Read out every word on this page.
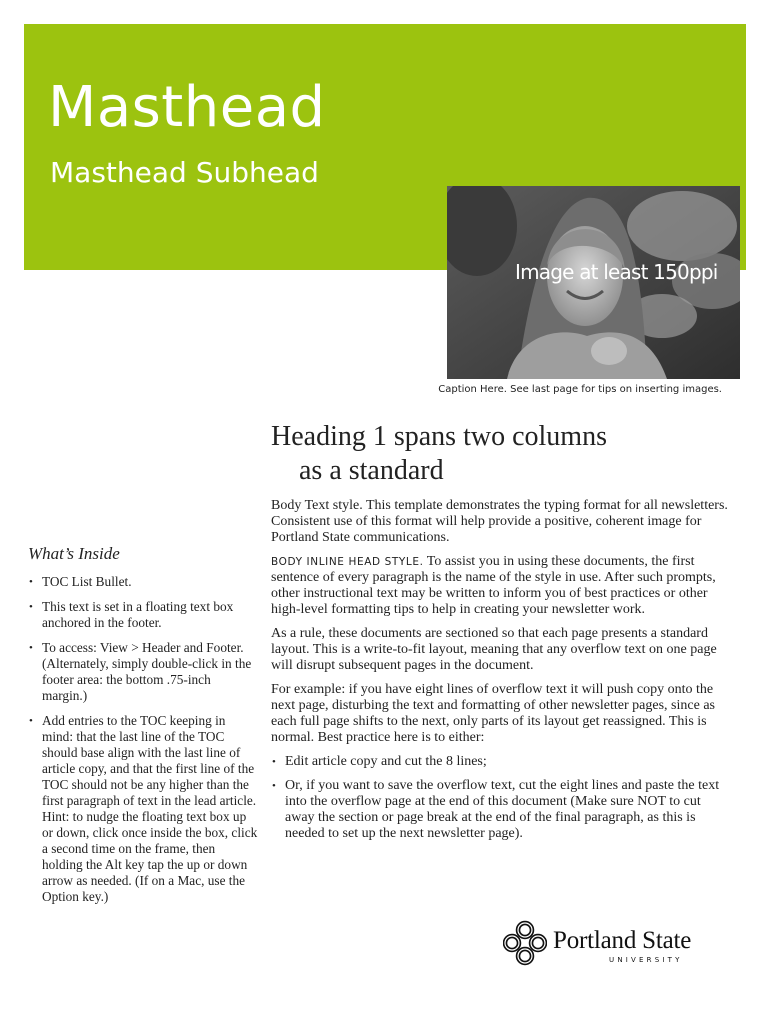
Masthead
Masthead Subhead
Image at least 150ppi
Caption Here. See last page for tips on inserting images.
Heading 1 spans two columns
as a standard

Body Text style. This template demonstrates the typing format for all newsletters. Consistent use of this format will help provide a positive, coherent image for Portland State communications.

BODY INLINE HEAD STYLE. To assist you in using these documents, the first sentence of every paragraph is the name of the style in use. After such prompts, other instructional text may be written to inform you of best practices or other high-level formatting tips to help in creating your newsletter work.

As a rule, these documents are sectioned so that each page presents a standard layout. This is a write-to-fit layout, meaning that any overflow text on one page will disrupt subsequent pages in the document.

For example: if you have eight lines of overflow text it will push copy onto the next page, disturbing the text and formatting of other newsletter pages, since as each full page shifts to the next, only parts of its layout get reassigned. This is normal. Best practice here is to either:

• Edit article copy and cut the 8 lines;
• Or, if you want to save the overflow text, cut the eight lines and paste the text into the overflow page at the end of this document (Make sure NOT to cut away the section or page break at the end of the final paragraph, as this is needed to set up the next newsletter page).
What’s Inside
• TOC List Bullet.
• This text is set in a floating text box anchored in the footer.
• To access: View > Header and Footer. (Alternately, simply double-click in the footer area: the bottom .75-inch margin.)
• Add entries to the TOC keeping in mind: that the last line of the TOC should base align with the last line of article copy, and that the first line of the TOC should not be any higher than the first paragraph of text in the lead article. Hint: to nudge the floating text box up or down, click once inside the box, click a second time on the frame, then holding the Alt key tap the up or down arrow as needed. (If on a Mac, use the Option key.)
Portland State
UNIVERSITY
